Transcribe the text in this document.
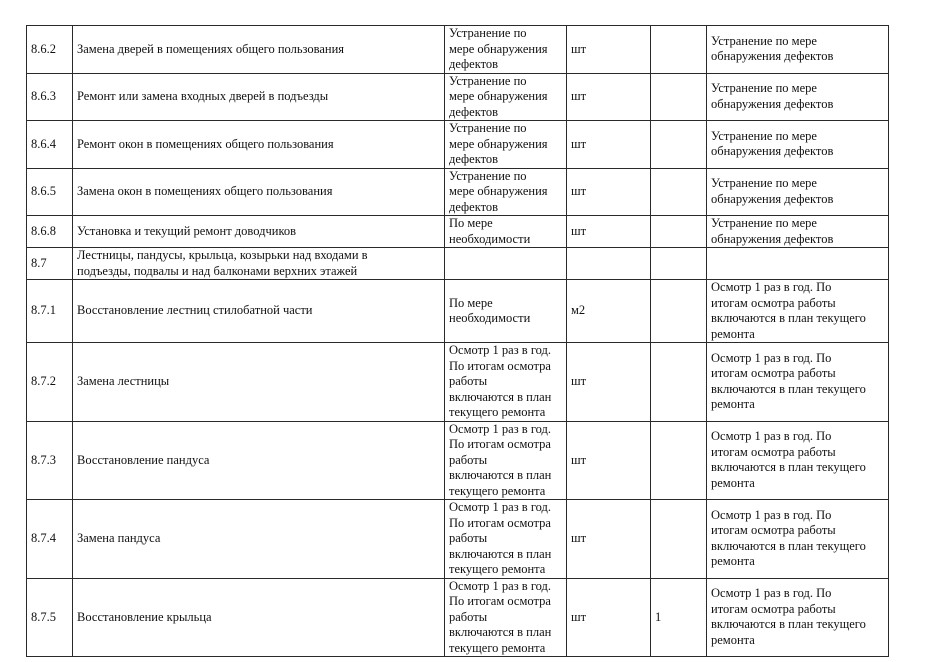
8.6.2	Замена дверей в помещениях общего пользования	Устранение по
мере обнаружения
дефектов	шт		Устранение по мере
обнаружения дефектов

8.6.3	Ремонт или замена входных дверей в подъезды	Устранение по
мере обнаружения
дефектов	шт		Устранение по мере
обнаружения дефектов

8.6.4	Ремонт окон в помещениях общего пользования	Устранение по
мере обнаружения
дефектов	шт		Устранение по мере
обнаружения дефектов

8.6.5	Замена окон в помещениях общего пользования	Устранение по
мере обнаружения
дефектов	шт		Устранение по мере
обнаружения дефектов

8.6.8	Установка и текущий ремонт доводчиков	По мере
необходимости	шт		Устранение по мере
обнаружения дефектов

8.7	Лестницы, пандусы, крыльца, козырьки над входами в
подъезды, подвалы и над балконами верхних этажей				

8.7.1	Восстановление лестниц стилобатной части	По мере
необходимости	м2		Осмотр 1 раз в год. По
итогам осмотра работы
включаются в план текущего
ремонта

8.7.2	Замена лестницы	Осмотр 1 раз в год.
По итогам осмотра
работы
включаются в план
текущего ремонта	шт		Осмотр 1 раз в год. По
итогам осмотра работы
включаются в план текущего
ремонта

8.7.3	Восстановление пандуса	Осмотр 1 раз в год.
По итогам осмотра
работы
включаются в план
текущего ремонта	шт		Осмотр 1 раз в год. По
итогам осмотра работы
включаются в план текущего
ремонта

8.7.4	Замена пандуса	Осмотр 1 раз в год.
По итогам осмотра
работы
включаются в план
текущего ремонта	шт		Осмотр 1 раз в год. По
итогам осмотра работы
включаются в план текущего
ремонта

8.7.5	Восстановление крыльца	Осмотр 1 раз в год.
По итогам осмотра
работы
включаются в план
текущего ремонта	шт	1	Осмотр 1 раз в год. По
итогам осмотра работы
включаются в план текущего
ремонта
